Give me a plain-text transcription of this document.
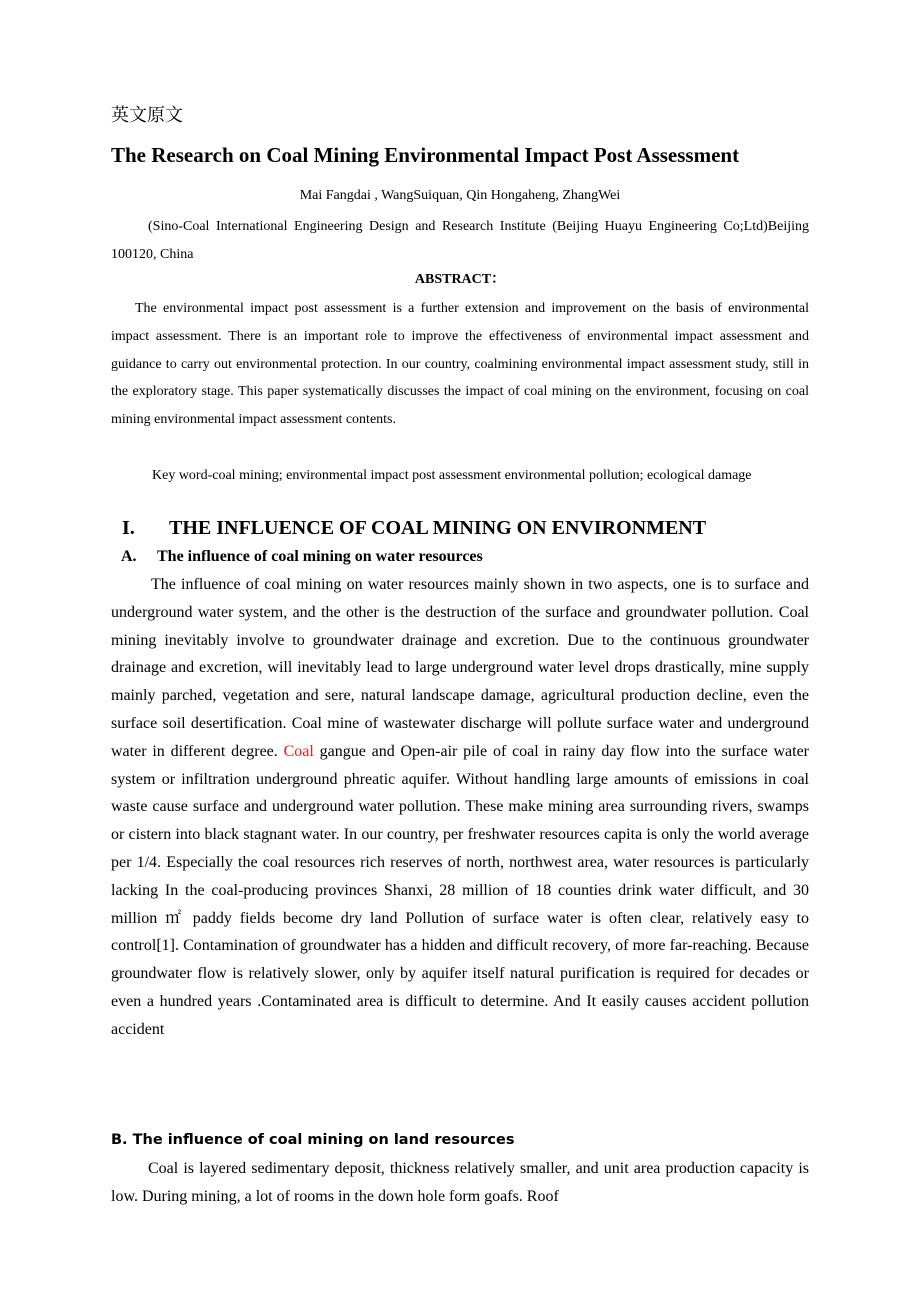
英文原文
The Research on Coal Mining Environmental Impact Post Assessment
Mai Fangdai , WangSuiquan, Qin Hongaheng, ZhangWei
(Sino-Coal International Engineering Design and Research Institute (Beijing Huayu Engineering Co;Ltd)Beijing 100120, China
ABSTRACT：
The environmental impact post assessment is a further extension and improvement on the basis of environmental impact assessment. There is an important role to improve the effectiveness of environmental impact assessment and guidance to carry out environmental protection. In our country, coalmining environmental impact assessment study, still in the exploratory stage. This paper systematically discusses the impact of coal mining on the environment, focusing on coal mining environmental impact assessment contents.
Key word-coal mining; environmental impact post assessment environmental pollution; ecological damage
I. THE INFLUENCE OF COAL MINING ON ENVIRONMENT
A. The influence of coal mining on water resources
The influence of coal mining on water resources mainly shown in two aspects, one is to surface and underground water system, and the other is the destruction of the surface and groundwater pollution. Coal mining inevitably involve to groundwater drainage and excretion. Due to the continuous groundwater drainage and excretion, will inevitably lead to large underground water level drops drastically, mine supply mainly parched, vegetation and sere, natural landscape damage, agricultural production decline, even the surface soil desertification. Coal mine of wastewater discharge will pollute surface water and underground water in different degree. Coal gangue and Open-air pile of coal in rainy day flow into the surface water system or infiltration underground phreatic aquifer. Without handling large amounts of emissions in coal waste cause surface and underground water pollution. These make mining area surrounding rivers, swamps or cistern into black stagnant water. In our country, per freshwater resources capita is only the world average per 1/4. Especially the coal resources rich reserves of north, northwest area, water resources is particularly lacking In the coal-producing provinces Shanxi, 28 million of 18 counties drink water difficult, and 30 million ㎡ paddy fields become dry land Pollution of surface water is often clear, relatively easy to control[1]. Contamination of groundwater has a hidden and difficult recovery, of more far-reaching. Because groundwater flow is relatively slower, only by aquifer itself natural purification is required for decades or even a hundred years .Contaminated area is difficult to determine. And It easily causes accident pollution accident
B. The influence of coal mining on land resources
Coal is layered sedimentary deposit, thickness relatively smaller, and unit area production capacity is low. During mining, a lot of rooms in the down hole form goafs. Roof
